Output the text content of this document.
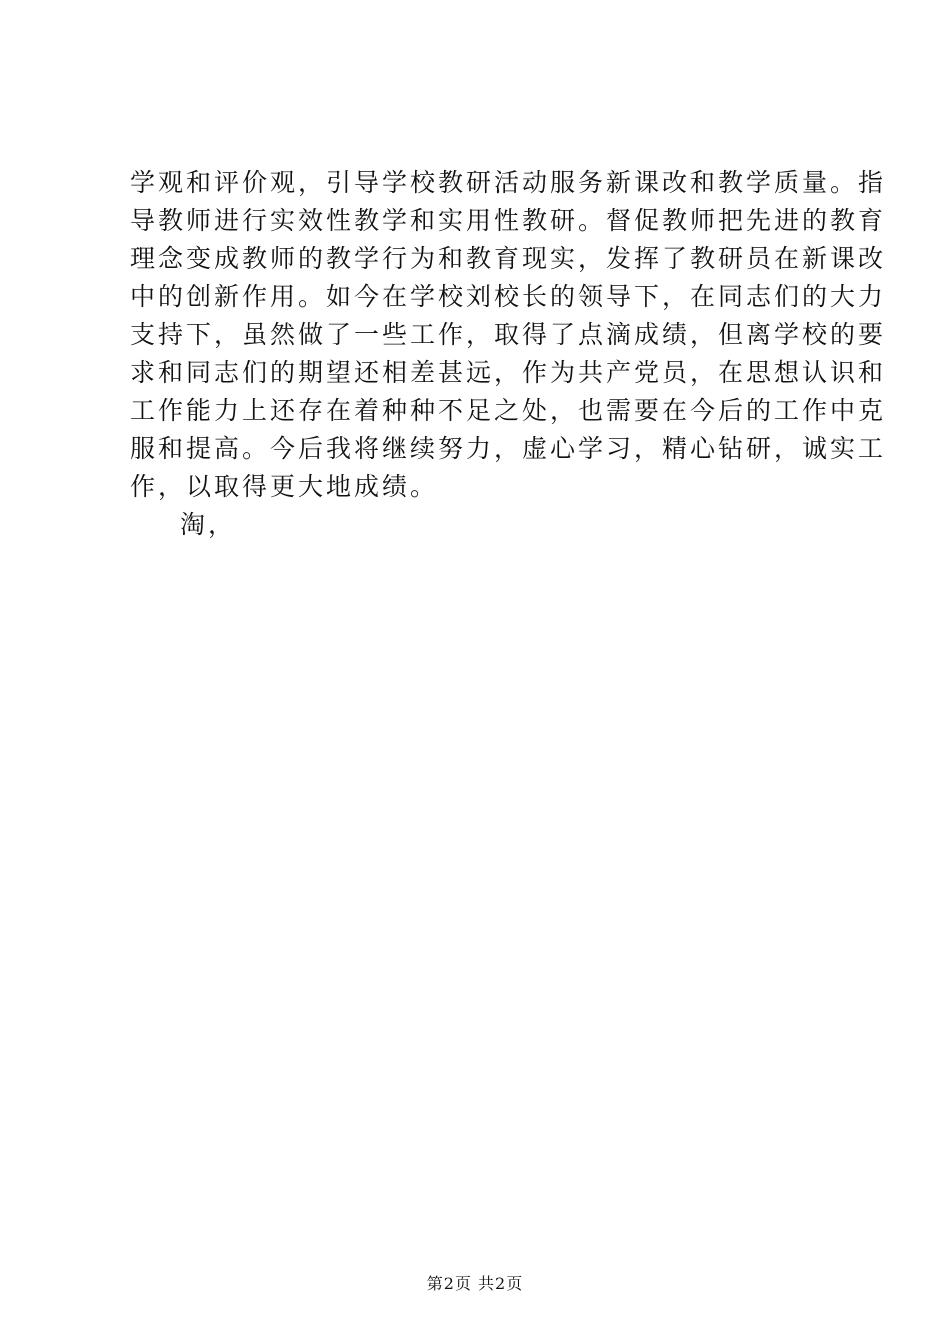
学观和评价观，引导学校教研活动服务新课改和教学质量。指
导教师进行实效性教学和实用性教研。督促教师把先进的教育
理念变成教师的教学行为和教育现实，发挥了教研员在新课改
中的创新作用。如今在学校刘校长的领导下，在同志们的大力
支持下，虽然做了一些工作，取得了点滴成绩，但离学校的要
求和同志们的期望还相差甚远，作为共产党员，在思想认识和
工作能力上还存在着种种不足之处，也需要在今后的工作中克
服和提高。今后我将继续努力，虚心学习，精心钻研，诚实工
作，以取得更大地成绩。
淘，
第2页 共2页
